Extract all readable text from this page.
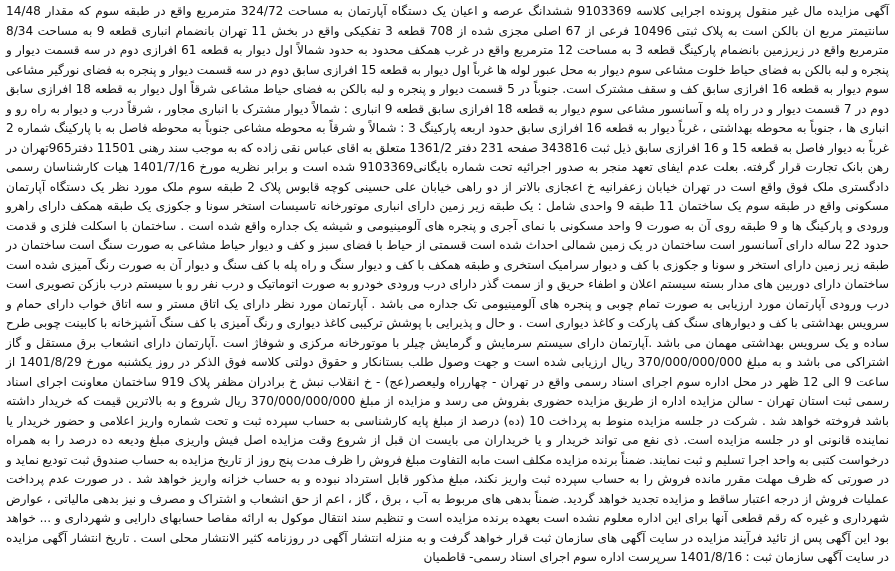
آگهی مزایده مال غیر منقول پرونده اجرایی کلاسه 9103369 ششدانگ عرصه و اعیان یک دستگاه آپارتمان به مساحت 324/72 مترمربع واقع در طبقه سوم که مقدار 14/48 سانتیمتر مربع ان بالکن است به پلاک ثبتی 10496 فرعی از 67 اصلی مجزی شده از 708 قطعه 3 تفکیکی واقع در بخش 11 تهران بانضمام انباری قطعه 9 به مساحت 8/34 مترمربع واقع در زیرزمین بانضمام پارکینگ قطعه 3 به مساحت 12 مترمربع واقع در غرب همکف محدود به حدود شمالاً اول دیوار به قطعه 61 افرازی دوم در سه قسمت دیوار و پنجره و لبه بالکن به فضای حیاط خلوت مشاعی سوم دیوار به محل عبور لوله ها غرباً اول دیوار به قطعه 15 افرازی سابق دوم در سه قسمت دیوار و پنجره به فضای نورگیر مشاعی سوم دیوار به قطعه 16 افرازی سابق کف و سقف مشترک است. جنوباً در 5 قسمت دیوار و پنجره و لبه بالکن به فضای حیاط مشاعی شرقاً اول دیوار به قطعه 18 افرازی سابق دوم در 7 قسمت دیوار و در راه پله و آسانسور مشاعی سوم دیوار به قطعه 18 افرازی سابق قطعه 9 انباری : شمالاً دیوار مشترک با انباری مجاور ، شرقاً درب و دیوار به راه رو و انباری ها ، جنوباً به محوطه بهداشتی ، غرباً دیوار به قطعه 16 افرازی سابق حدود اربعه پارکینگ 3 : شمالاً و شرقاً به محوطه مشاعی جنوباً به محوطه فاصل به با پارکینگ شماره 2 غرباً به دیوار فاصل به قطعه 15 و 16 افرازی سابق ذیل ثبت 343816 صفحه 231 دفتر 1361/2 متعلق به اقای عباس نقی زاده که به موجب سند رهنی 11501 دفتر965تهران در رهن بانک تجارت قرار گرفته. بعلت عدم ایفای تعهد منجر به صدور اجرائیه تحت شماره بایگانی9103369 شده است و برابر نظریه مورخ 1401/7/16 هیات کارشناسان رسمی دادگستری ملک فوق واقع است در تهران خیابان زعفرانیه خ اعجازی بالاتر از دو راهی خیابان علی حسینی کوچه قابوس پلاک 2 طبقه سوم ملک مورد نظر یک دستگاه آپارتمان مسکونی واقع در طبقه سوم یک ساختمان 11 طبقه 9 واحدی شامل : یک طبقه زیر زمین دارای انباری موتورخانه تاسیسات استخر سونا و جکوزی یک طبقه همکف دارای راهرو ورودی و پارکینگ ها و 9 طبقه روی آن به صورت 9 واحد مسکونی با نمای آجری و پنجره های آلومینیومی و شیشه یک جداره واقع شده است . ساختمان با اسکلت فلزی و قدمت حدود 22 ساله دارای آسانسور است ساختمان در یک زمین شمالی احداث شده است قسمتی از حیاط با فضای سبز و کف و دیوار حیاط مشاعی به صورت سنگ است ساختمان در طبقه زیر زمین دارای استخر و سونا و جکوزی با کف و دیوار سرامیک استخری و طبقه همکف با کف و دیوار سنگ و راه پله با کف سنگ و دیوار آن به صورت رنگ آمیزی شده است ساختمان دارای دوربین های مدار بسته سیستم اعلان و اطفاء حریق و از سمت گذر دارای درب ورودی خودرو به صورت اتوماتیک و درب نفر رو با سیستم درب بازکن تصویری است درب ورودی آپارتمان مورد ارزیابی به صورت تمام چوبی و پنجره های آلومینیومی تک جداره می باشد . آپارتمان مورد نظر دارای یک اتاق مستر و سه اتاق خواب دارای حمام و سرویس بهداشتی با کف و دیوارهای سنگ کف پارکت و کاغذ دیواری است . و حال و پذیرایی با پوشش ترکیبی کاغذ دیواری و رنگ آمیزی با کف سنگ آشپزخانه با کابینت چوبی طرح ساده و یک سرویس بهداشتی مهمان می باشد .آپارتمان دارای سیستم سرمایش و گرمایش چیلر با موتورخانه مرکزی و شوفاژ است .آپارتمان دارای انشعاب برق مستقل و گاز اشتراکی می باشد و به مبلغ 370/000/000/000 ریال ارزیابی شده است و جهت وصول طلب بستانکار و حقوق دولتی کلاسه فوق الذکر در روز یکشنبه مورخ 1401/8/29 از ساعت 9 الی 12 ظهر در محل اداره سوم اجرای اسناد رسمی واقع در تهران - چهارراه ولیعصر(عج) - خ انقلاب نبش خ برادران مظفر پلاک 919 ساختمان معاونت اجرای اسناد رسمی ثبت استان تهران - سالن مزایده اداره از طریق مزایده حضوری بفروش می رسد و مزایده از مبلغ 370/000/000/000 ریال شروع و به بالاترین قیمت که خریدار داشته باشد فروخته خواهد شد . شرکت در جلسه مزایده منوط به پرداخت 10 (ده) درصد از مبلغ پایه کارشناسی به حساب سپرده ثبت و تحت شماره واریز اعلامی و حضور خریدار یا نماینده قانونی او در جلسه مزایده است. ذی نفع می تواند خریدار و یا خریداران می بایست ان قبل از شروع وقت مزایده اصل فیش واریزی مبلغ ودیعه ده درصد را به همراه درخواست کتبی به واحد اجرا تسلیم و ثبت نمایند. ضمناً برنده مزایده مکلف است مابه التفاوت مبلغ فروش را ظرف مدت پنج روز از تاریخ مزایده به حساب صندوق ثبت تودیع نماید و در صورتی که ظرف مهلت مقرر مانده فروش را به حساب سپرده ثبت واریز نکند، مبلغ مذکور قابل استرداد نبوده و به حساب خزانه واریز خواهد شد . در صورت عدم پرداخت عملیات فروش از درجه اعتبار ساقط و مزایده تجدید خواهد گردید. ضمناً بدهی های مربوط به آب ، برق ، گاز ، اعم از حق انشعاب و اشتراک و مصرف و نیز بدهی مالیاتی ، عوارض شهرداری و غیره که رقم قطعی آنها برای این اداره معلوم نشده است بعهده برنده مزایده است و تنظیم سند انتقال موکول به ارائه مفاصا حسابهای دارایی و شهرداری و ... خواهد بود این آگهی پس از تائید فرآیند مزایده در سایت آگهی های سازمان ثبت قرار خواهد گرفت و به منزله انتشار آگهی در روزنامه کثیر الانتشار محلی است . تاریخ انتشار آگهی مزایده در سایت آگهی سازمان ثبت : 1401/8/16 سرپرست اداره سوم اجرای اسناد رسمی- قاطمیان
